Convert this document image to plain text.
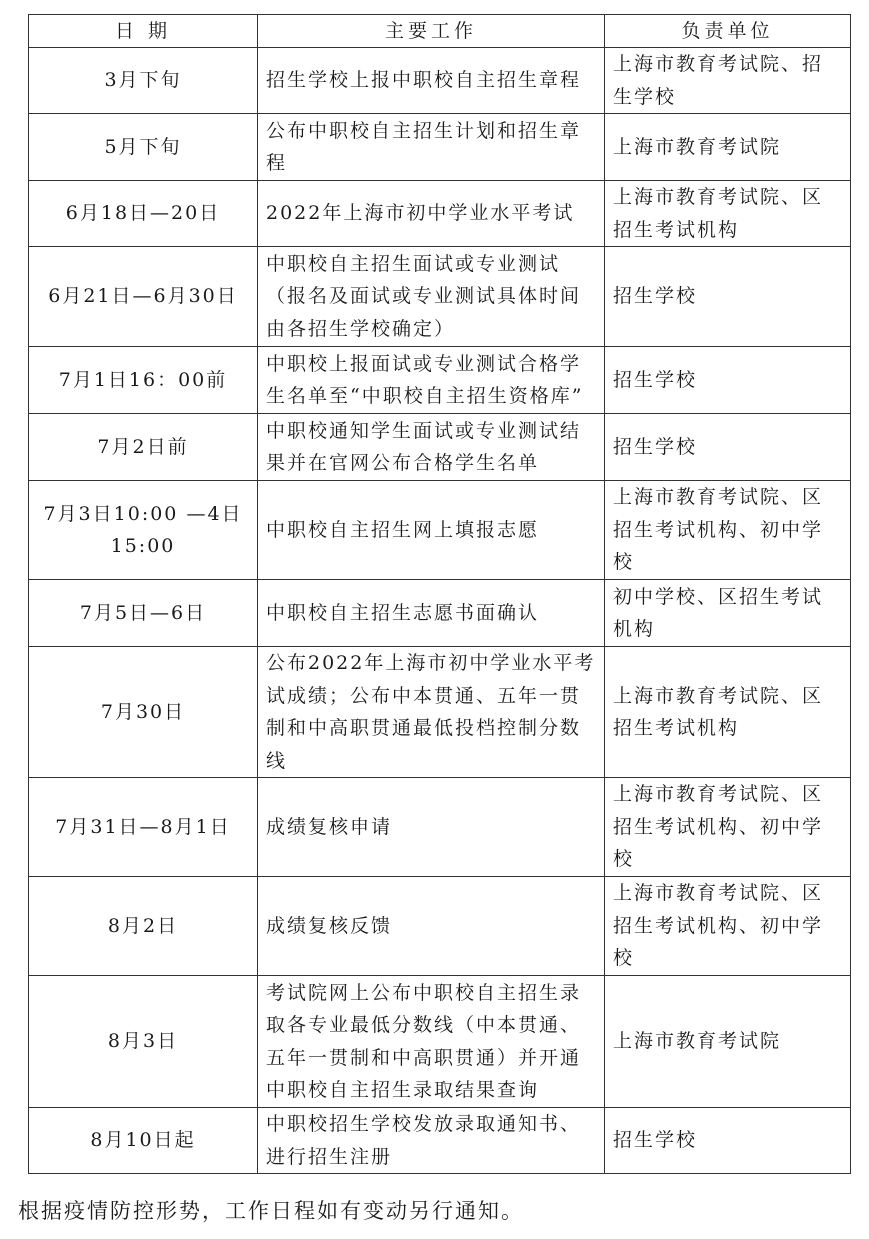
日 期	主要工作	负责单位
3月下旬	招生学校上报中职校自主招生章程	上海市教育考试院、招生学校
5月下旬	公布中职校自主招生计划和招生章程	上海市教育考试院
6月18日—20日	2022年上海市初中学业水平考试	上海市教育考试院、区招生考试机构
6月21日—6月30日	中职校自主招生面试或专业测试（报名及面试或专业测试具体时间由各招生学校确定）	招生学校
7月1日16：00前	中职校上报面试或专业测试合格学生名单至“中职校自主招生资格库”	招生学校
7月2日前	中职校通知学生面试或专业测试结果并在官网公布合格学生名单	招生学校
7月3日10:00 —4日15:00	中职校自主招生网上填报志愿	上海市教育考试院、区招生考试机构、初中学校
7月5日—6日	中职校自主招生志愿书面确认	初中学校、区招生考试机构
7月30日	公布2022年上海市初中学业水平考试成绩；公布中本贯通、五年一贯制和中高职贯通最低投档控制分数线	上海市教育考试院、区招生考试机构
7月31日—8月1日	成绩复核申请	上海市教育考试院、区招生考试机构、初中学校
8月2日	成绩复核反馈	上海市教育考试院、区招生考试机构、初中学校
8月3日	考试院网上公布中职校自主招生录取各专业最低分数线（中本贯通、五年一贯制和中高职贯通）并开通中职校自主招生录取结果查询	上海市教育考试院
8月10日起	中职校招生学校发放录取通知书、进行招生注册	招生学校
根据疫情防控形势，工作日程如有变动另行通知。
